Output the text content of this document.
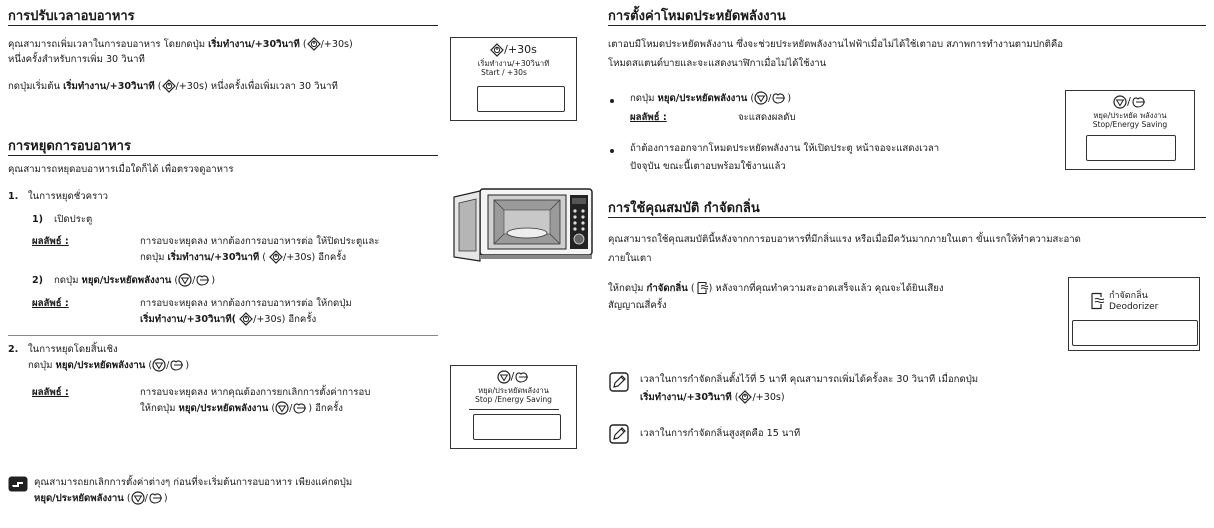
การปรับเวลาอบอาหาร
คุณสามารถเพิ่มเวลาในการอบอาหาร โดยกดปุ่ม เริ่มทำงาน/+30วินาที ( /+30s)
หนึ่งครั้งสำหรับการเพิ่ม 30 วินาที
กดปุ่มเริ่มต้น เริ่มทำงาน/+30วินาที ( /+30s) หนึ่งครั้งเพื่อเพิ่มเวลา 30 วินาที
/+30s
เริ่มทำงาน/+30วินาที
Start / +30s
การหยุดการอบอาหาร
คุณสามารถหยุดอบอาหารเมื่อใดก็ได้ เพื่อตรวจดูอาหาร
1. ในการหยุดชั่วคราว
1) เปิดประตู
ผลลัพธ์ :	การอบจะหยุดลง หากต้องการอบอาหารต่อ ให้ปิดประตูและ
กดปุ่ม เริ่มทำงาน/+30วินาที ( /+30s) อีกครั้ง
2) กดปุ่ม หยุด/ประหยัดพลังงาน ( / )
ผลลัพธ์ :	การอบจะหยุดลง หากต้องการอบอาหารต่อ ให้กดปุ่ม
เริ่มทำงาน/+30วินาที( /+30s) อีกครั้ง
2. ในการหยุดโดยสิ้นเชิง
กดปุ่ม หยุด/ประหยัดพลังงาน ( / )
ผลลัพธ์ :	การอบจะหยุดลง หากคุณต้องการยกเลิกการตั้งค่าการอบ
ให้กดปุ่ม หยุด/ประหยัดพลังงาน ( / ) อีกครั้ง
/
หยุด/ประหยัดพลังงาน
Stop /Energy Saving
คุณสามารถยกเลิกการตั้งค่าต่างๆ ก่อนที่จะเริ่มต้นการอบอาหาร เพียงแค่กดปุ่ม
หยุด/ประหยัดพลังงาน ( / )
การตั้งค่าโหมดประหยัดพลังงาน
เตาอบมีโหมดประหยัดพลังงาน ซึ่งจะช่วยประหยัดพลังงานไฟฟ้าเมื่อไม่ได้ใช้เตาอบ สภาพการทำงานตามปกติคือ
โหมดสแตนด์บายและจะแสดงนาฬิกาเมื่อไม่ได้ใช้งาน
กดปุ่ม หยุด/ประหยัดพลังงาน ( / )
ผลลัพธ์ :	จะแสดงผลดับ
ถ้าต้องการออกจากโหมดประหยัดพลังงาน ให้เปิดประตู หน้าจอจะแสดงเวลา
ปัจจุบัน ขณะนี้เตาอบพร้อมใช้งานแล้ว
/
หยุด/ประหยัด พลังงาน
Stop/Energy Saving
การใช้คุณสมบัติ กำจัดกลิ่น
คุณสามารถใช้คุณสมบัตินี้หลังจากการอบอาหารที่มีกลิ่นแรง หรือเมื่อมีควันมากภายในเตา ขั้นแรกให้ทำความสะอาด
ภายในเตา
ให้กดปุ่ม กำจัดกลิ่น ( ) หลังจากที่คุณทำความสะอาดเสร็จแล้ว คุณจะได้ยินเสียง
สัญญาณสี่ครั้ง
กำจัดกลิ่น
Deodorizer
เวลาในการกำจัดกลิ่นตั้งไว้ที่ 5 นาที คุณสามารถเพิ่มได้ครั้งละ 30 วินาที เมื่อกดปุ่ม
เริ่มทำงาน/+30วินาที ( /+30s)
เวลาในการกำจัดกลิ่นสูงสุดคือ 15 นาที
